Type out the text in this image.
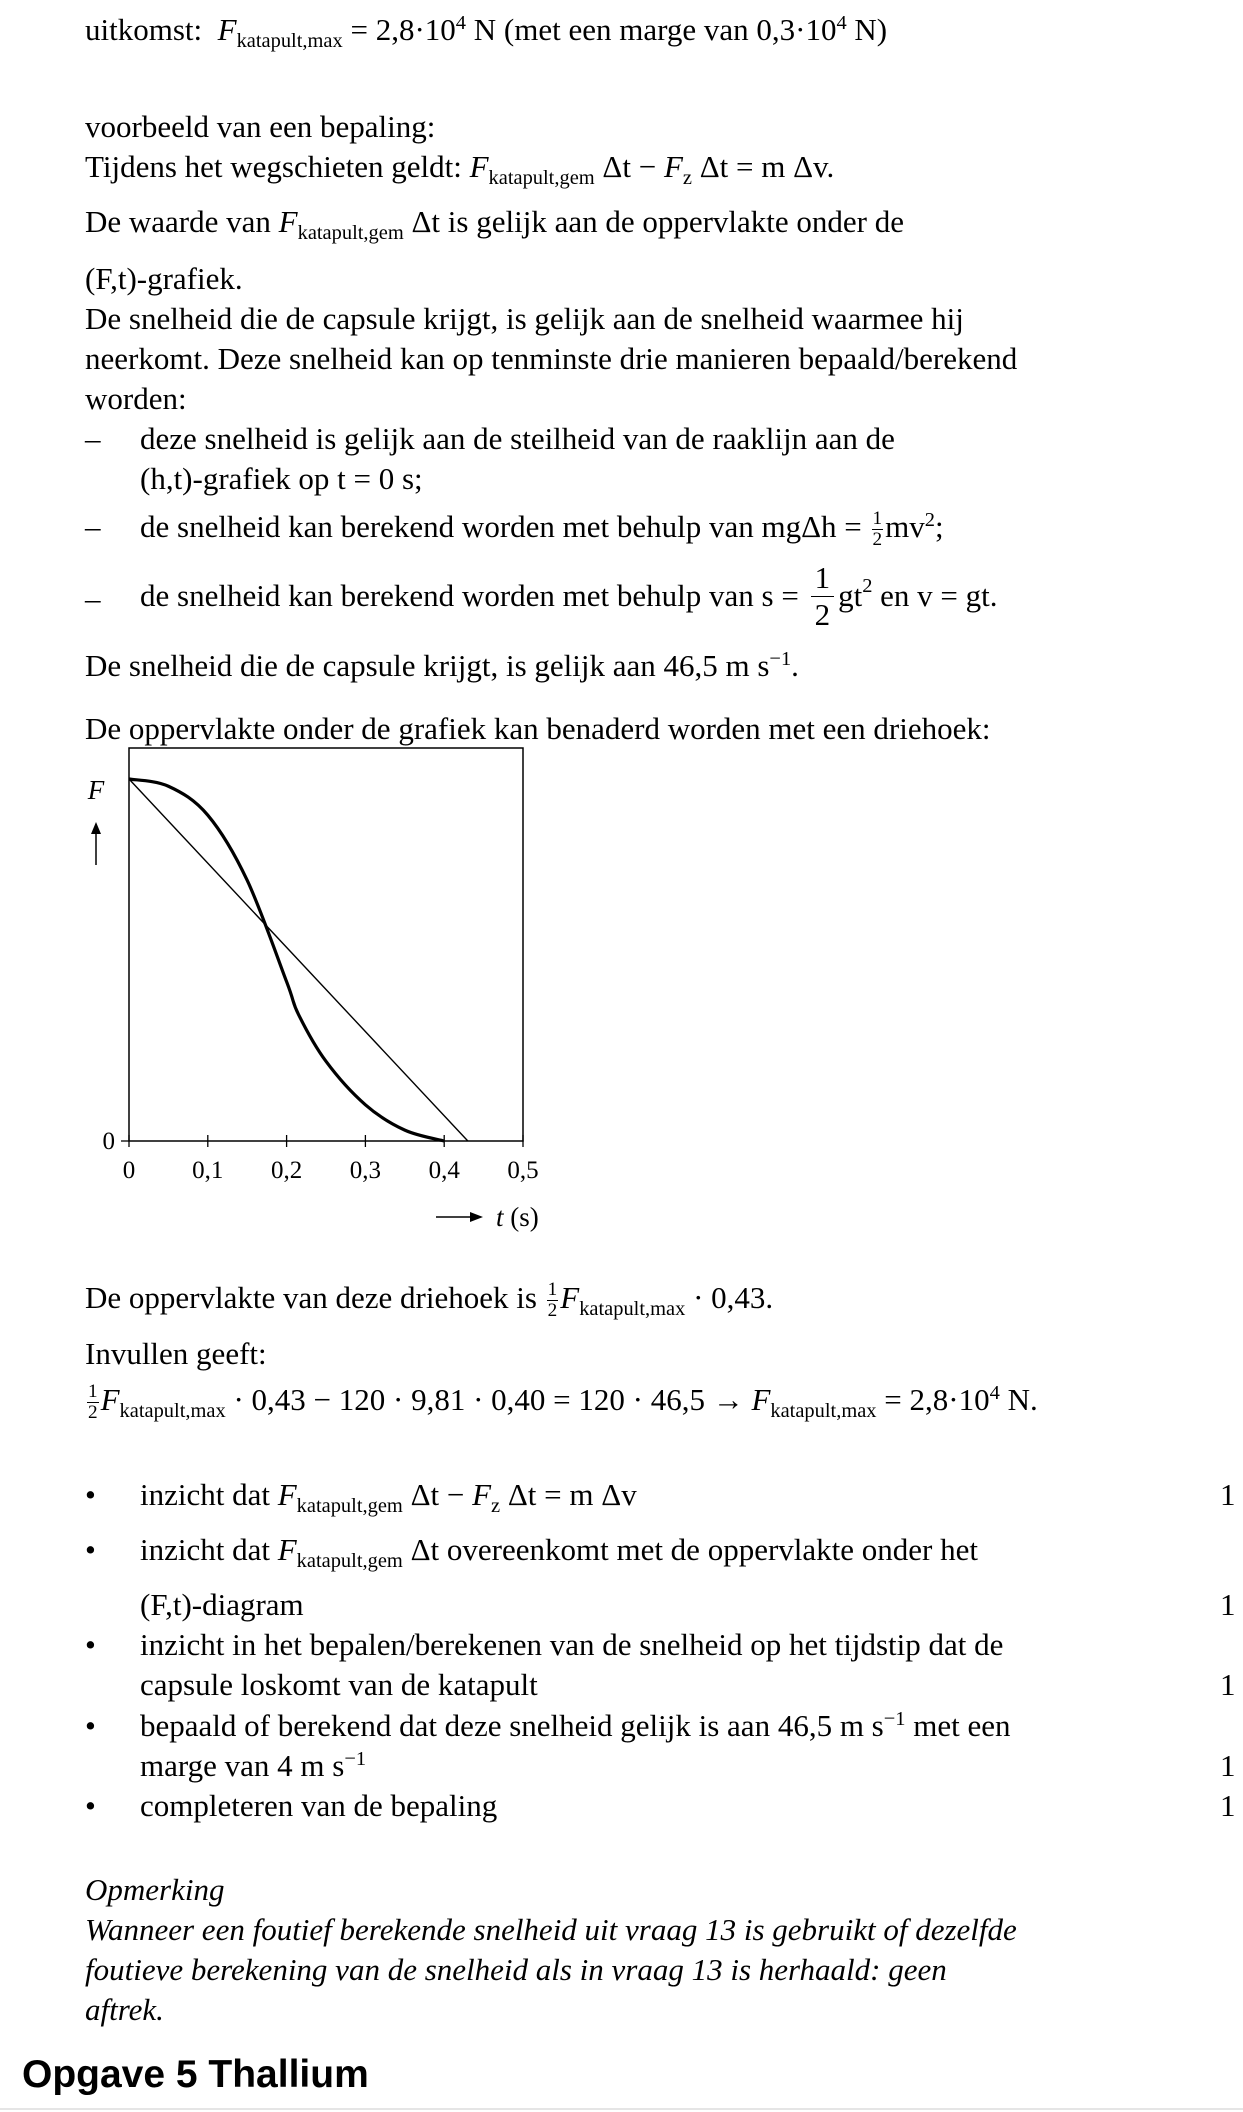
uitkomst: $F_{katapult,max} = 2,8\cdot 10^4$ N (met een marge van $0,3\cdot 10^4$ N)
voorbeeld van een bepaling:
Tijdens het wegschieten geldt: $F_{katapult,gem}$ $\Delta t - F_z$ Δt = m Δv.
De waarde van $F_{katapult,gem}$ Δt is gelijk aan de oppervlakte onder de
(F,t)-grafiek.
De snelheid die de capsule krijgt, is gelijk aan de snelheid waarmee hij
neerkomt. Deze snelheid kan op tenminste drie manieren bepaald/berekend
worden:
– deze snelheid is gelijk aan de steilheid van de raaklijn aan de
(h,t)-grafiek op t = 0 s;
– de snelheid kan berekend worden met behulp van $mg\Delta h = \frac{1}{2} mv^2$;
– de snelheid kan berekend worden met behulp van $s = \frac{1}{2} gt^2$ en v = gt.
De snelheid die de capsule krijgt, is gelijk aan 46,5 m $s^{-1}$.
De oppervlakte onder de grafiek kan benaderd worden met een driehoek:
0 0,1 0,2 0,3 0,4 0,5
0
F
t (s)
De oppervlakte van deze driehoek is $\frac{1}{2} F_{katapult,max} \cdot 0,43$.
Invullen geeft:
$\frac{1}{2} F_{katapult,max} \cdot 0,43 - 120 \cdot 9,81 \cdot 0,40 = 120 \cdot 46,5 \to F_{katapult,max} = 2,8\cdot 10^4$ N.
• inzicht dat $F_{katapult,gem}$ $\Delta t - F_z$ Δt = m Δv	1
• inzicht dat $F_{katapult,gem}$ Δt overeenkomt met de oppervlakte onder het
(F,t)-diagram	1
• inzicht in het bepalen/berekenen van de snelheid op het tijdstip dat de
capsule loskomt van de katapult	1
• bepaald of berekend dat deze snelheid gelijk is aan 46,5 m $s^{-1}$ met een
marge van 4 m $s^{-1}$	1
• completeren van de bepaling	1
Opmerking
Wanneer een foutief berekende snelheid uit vraag 13 is gebruikt of dezelfde
foutieve berekening van de snelheid als in vraag 13 is herhaald: geen
aftrek.
Opgave 5 Thallium
